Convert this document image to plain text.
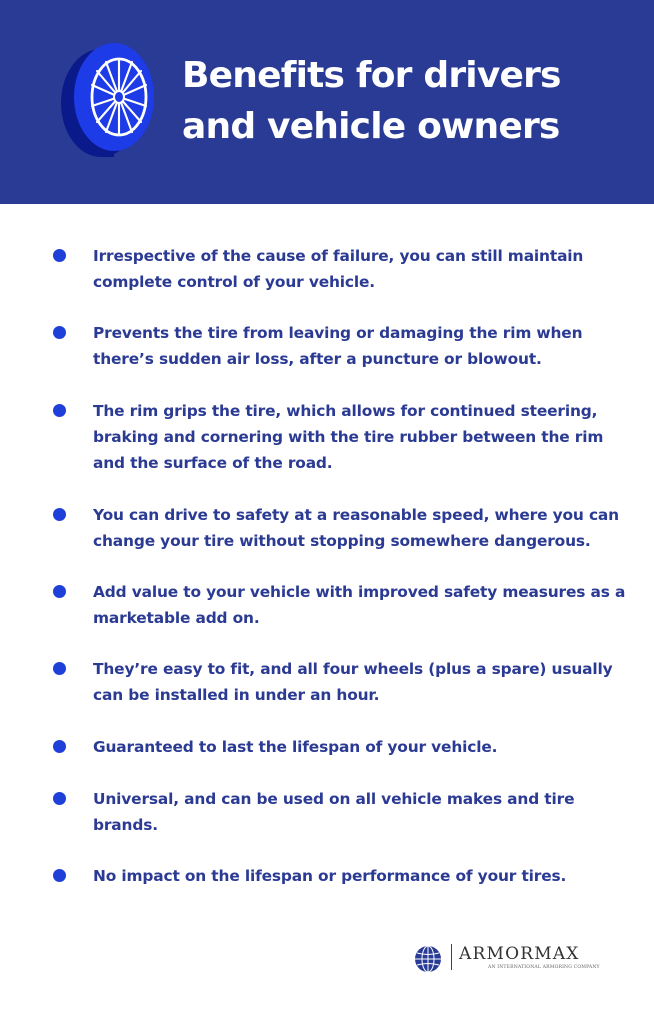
Benefits for drivers
and vehicle owners
Irrespective of the cause of failure, you can still maintain complete control of your vehicle.
Prevents the tire from leaving or damaging the rim when there’s sudden air loss, after a puncture or blowout.
The rim grips the tire, which allows for continued steering, braking and cornering with the tire rubber between the rim and the surface of the road.
You can drive to safety at a reasonable speed, where you can change your tire without stopping somewhere dangerous.
Add value to your vehicle with improved safety measures as a marketable add on.
They’re easy to fit, and all four wheels (plus a spare) usually can be installed in under an hour.
Guaranteed to last the lifespan of your vehicle.
Universal, and can be used on all vehicle makes and tire brands.
No impact on the lifespan or performance of your tires.
ARMORMAX
AN INTERNATIONAL ARMORING COMPANY
